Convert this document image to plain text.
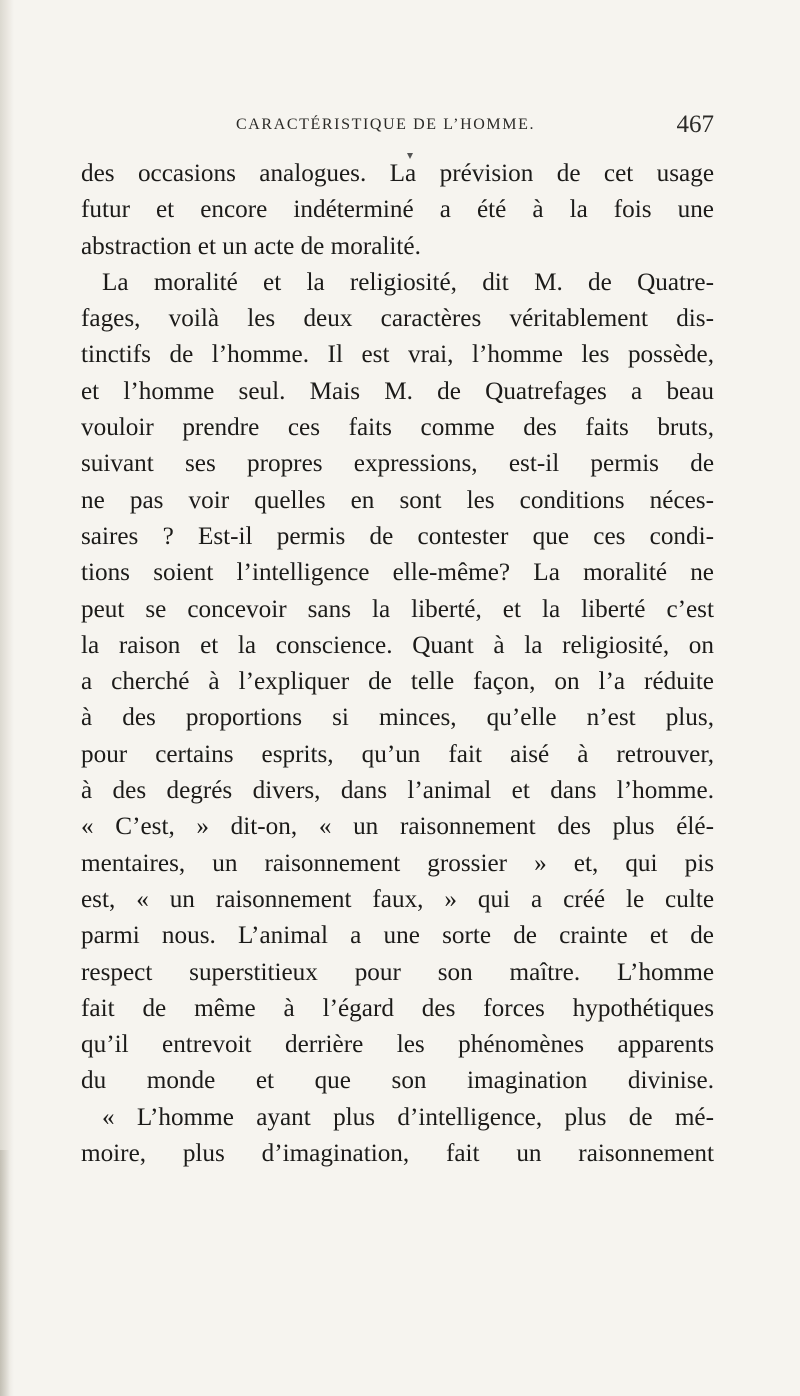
CARACTÉRISTIQUE DE L’HOMME.	467
des occasions analogues. La prévision de cet usage
futur et encore indéterminé a été à la fois une
abstraction et un acte de moralité.
La moralité et la religiosité, dit M. de Quatre-
fages, voilà les deux caractères véritablement dis-
tinctifs de l’homme. Il est vrai, l’homme les possède,
et l’homme seul. Mais M. de Quatrefages a beau
vouloir prendre ces faits comme des faits bruts,
suivant ses propres expressions, est-il permis de
ne pas voir quelles en sont les conditions néces-
saires ? Est-il permis de contester que ces condi-
tions soient l’intelligence elle-même? La moralité ne
peut se concevoir sans la liberté, et la liberté c’est
la raison et la conscience. Quant à la religiosité, on
a cherché à l’expliquer de telle façon, on l’a réduite
à des proportions si minces, qu’elle n’est plus,
pour certains esprits, qu’un fait aisé à retrouver,
à des degrés divers, dans l’animal et dans l’homme.
« C’est, » dit-on, « un raisonnement des plus élé-
mentaires, un raisonnement grossier » et, qui pis
est, « un raisonnement faux, » qui a créé le culte
parmi nous. L’animal a une sorte de crainte et de
respect superstitieux pour son maître. L’homme
fait de même à l’égard des forces hypothétiques
qu’il entrevoit derrière les phénomènes apparents
du monde et que son imagination divinise.
« L’homme ayant plus d’intelligence, plus de mé-
moire, plus d’imagination, fait un raisonnement
